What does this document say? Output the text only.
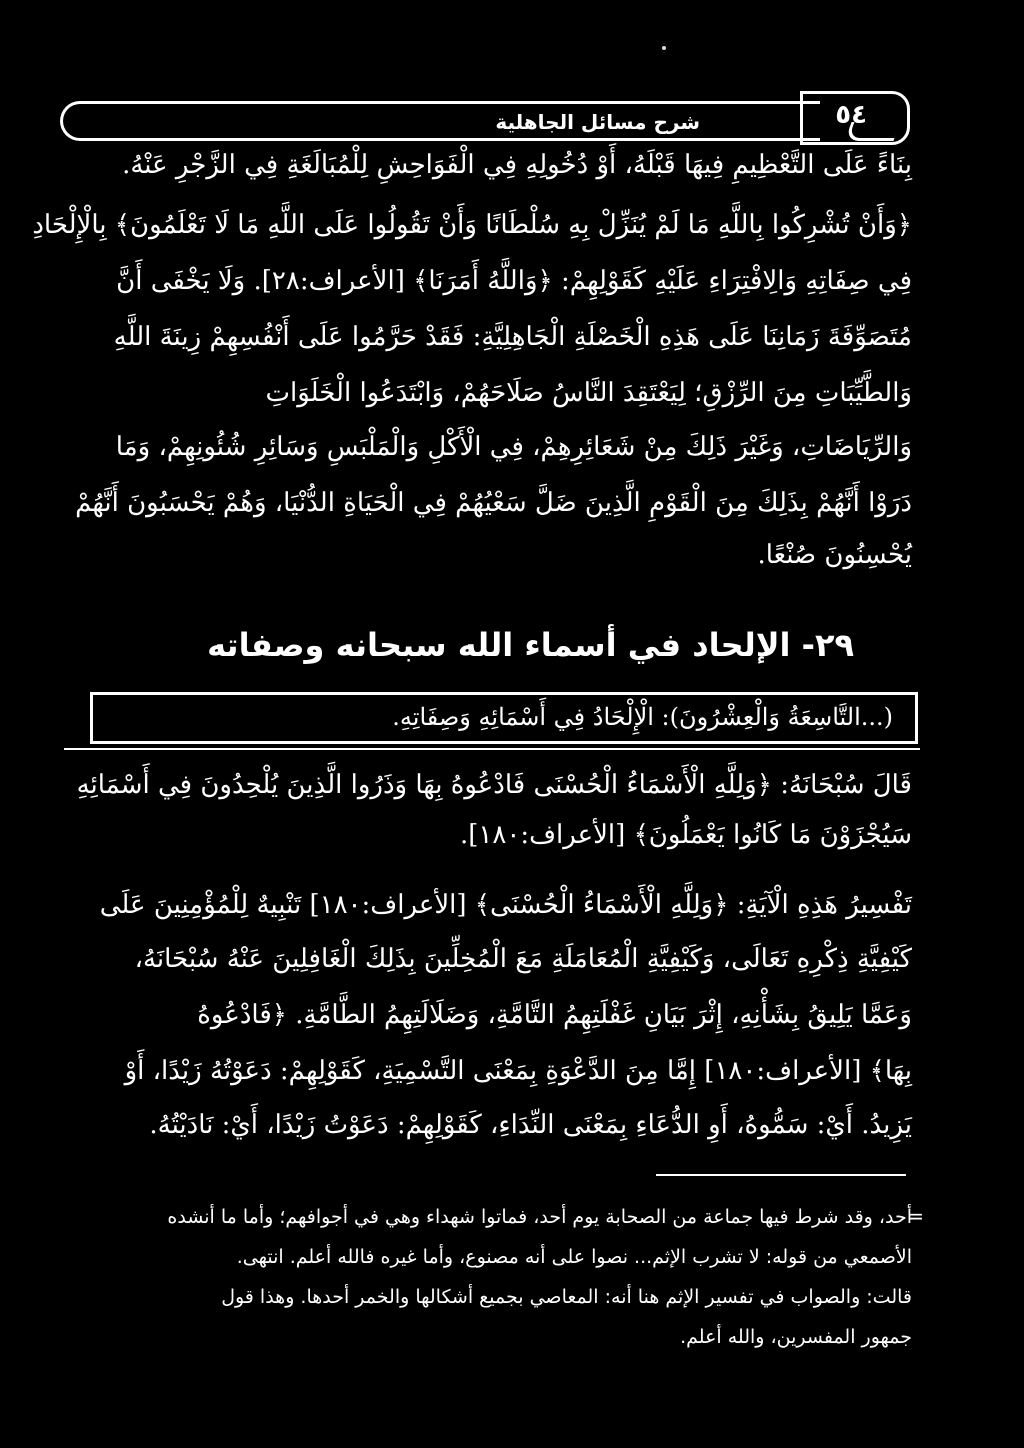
شرح مسائل الجاهلية	٥٤
بِنَاءً عَلَى التَّعْظِيمِ فِيهَا قَبْلَهُ، أَوْ دُخُولِهِ فِي الْفَوَاحِشِ لِلْمُبَالَغَةِ فِي الزَّجْرِ عَنْهُ.
﴿وَأَنْ تُشْرِكُوا بِاللَّهِ مَا لَمْ يُنَزِّلْ بِهِ سُلْطَانًا وَأَنْ تَقُولُوا عَلَى اللَّهِ مَا لَا تَعْلَمُونَ﴾ بِالْإِلْحَادِ
فِي صِفَاتِهِ وَالِافْتِرَاءِ عَلَيْهِ كَقَوْلِهِمْ: ﴿وَاللَّهُ أَمَرَنَا﴾ [الأعراف:٢٨]. وَلَا يَخْفَى أَنَّ
مُتَصَوِّفَةَ زَمَانِنَا عَلَى هَذِهِ الْخَصْلَةِ الْجَاهِلِيَّةِ: فَقَدْ حَرَّمُوا عَلَى أَنْفُسِهِمْ زِينَةَ اللَّهِ
وَالطَّيِّبَاتِ مِنَ الرِّزْقِ؛ لِيَعْتَقِدَ النَّاسُ صَلَاحَهُمْ، وَابْتَدَعُوا الْخَلَوَاتِ
وَالرِّيَاضَاتِ، وَغَيْرَ ذَلِكَ مِنْ شَعَائِرِهِمْ، فِي الْأَكْلِ وَالْمَلْبَسِ وَسَائِرِ شُئُونِهِمْ، وَمَا
دَرَوْا أَنَّهُمْ بِذَلِكَ مِنَ الْقَوْمِ الَّذِينَ ضَلَّ سَعْيُهُمْ فِي الْحَيَاةِ الدُّنْيَا، وَهُمْ يَحْسَبُونَ أَنَّهُمْ
يُحْسِنُونَ صُنْعًا.
٢٩- الإلحاد في أسماء الله سبحانه وصفاته
(...التَّاسِعَةُ وَالْعِشْرُونَ): الْإِلْحَادُ فِي أَسْمَائِهِ وَصِفَاتِهِ.
قَالَ سُبْحَانَهُ: ﴿وَلِلَّهِ الْأَسْمَاءُ الْحُسْنَى فَادْعُوهُ بِهَا وَذَرُوا الَّذِينَ يُلْحِدُونَ فِي أَسْمَائِهِ
سَيُجْزَوْنَ مَا كَانُوا يَعْمَلُونَ﴾ [الأعراف:١٨٠].
تَفْسِيرُ هَذِهِ الْآيَةِ: ﴿وَلِلَّهِ الْأَسْمَاءُ الْحُسْنَى﴾ [الأعراف:١٨٠] تَنْبِيهٌ لِلْمُؤْمِنِينَ عَلَى
كَيْفِيَّةِ ذِكْرِهِ تَعَالَى، وَكَيْفِيَّةِ الْمُعَامَلَةِ مَعَ الْمُخِلِّينَ بِذَلِكَ الْغَافِلِينَ عَنْهُ سُبْحَانَهُ،
وَعَمَّا يَلِيقُ بِشَأْنِهِ، إِثْرَ بَيَانِ غَفْلَتِهِمُ التَّامَّةِ، وَضَلَالَتِهِمُ الطَّامَّةِ. ﴿فَادْعُوهُ
بِهَا﴾ [الأعراف:١٨٠] إِمَّا مِنَ الدَّعْوَةِ بِمَعْنَى التَّسْمِيَةِ، كَقَوْلِهِمْ: دَعَوْتُهُ زَيْدًا، أَوْ
يَزِيدُ. أَيْ: سَمُّوهُ، أَوِ الدُّعَاءِ بِمَعْنَى النِّدَاءِ، كَقَوْلِهِمْ: دَعَوْتُ زَيْدًا، أَيْ: نَادَيْتُهُ.
=
أحد، وقد شرط فيها جماعة من الصحابة يوم أحد، فماتوا شهداء وهي في أجوافهم؛ وأما ما أنشده
الأصمعي من قوله: لا تشرب الإثم... نصوا على أنه مصنوع، وأما غيره فالله أعلم. انتهى.
قالت: والصواب في تفسير الإثم هنا أنه: المعاصي بجميع أشكالها والخمر أحدها. وهذا قول
جمهور المفسرين، والله أعلم.
